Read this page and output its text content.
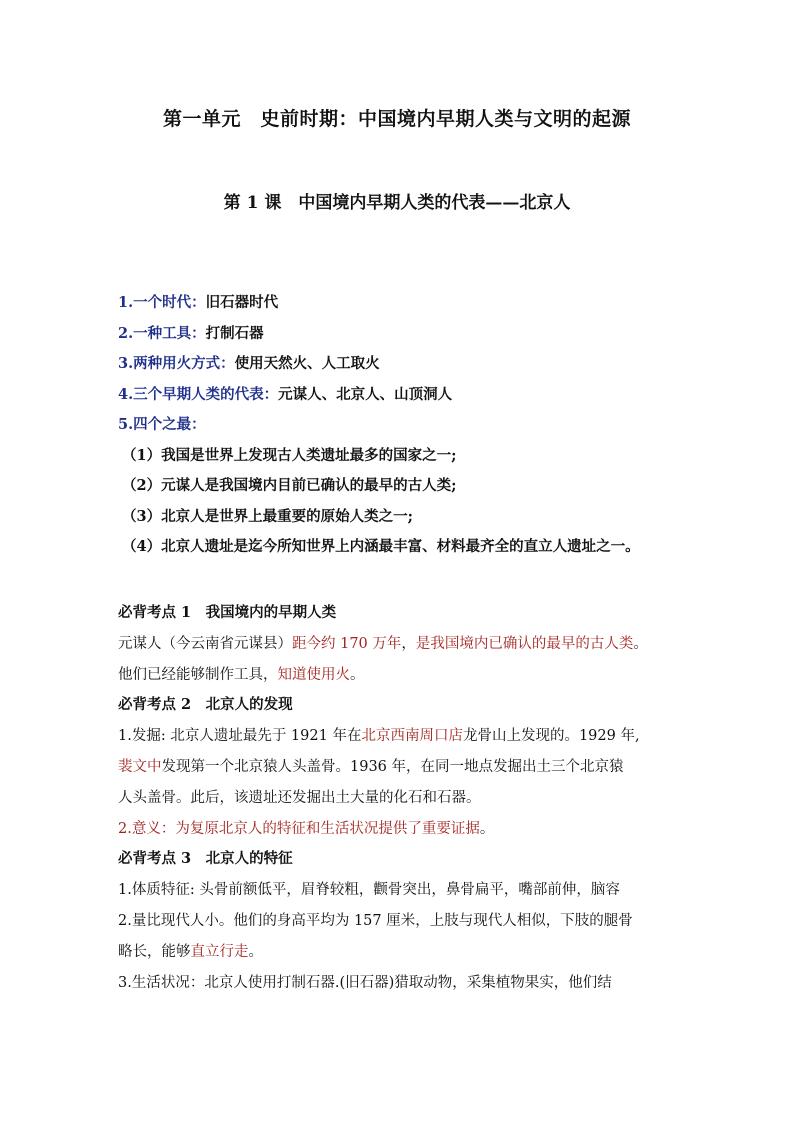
第一单元　史前时期：中国境内早期人类与文明的起源
第 1 课　中国境内早期人类的代表——北京人
1.一个时代：旧石器时代
2.一种工具：打制石器
3.两种用火方式：使用天然火、人工取火
4.三个早期人类的代表：元谋人、北京人、山顶洞人
5.四个之最：
（1）我国是世界上发现古人类遗址最多的国家之一;
（2）元谋人是我国境内目前已确认的最早的古人类;
（3）北京人是世界上最重要的原始人类之一;
（4）北京人遗址是迄今所知世界上内涵最丰富、材料最齐全的直立人遗址之一。
必背考点 1　我国境内的早期人类
元谋人（今云南省元谋县）距今约 170 万年，是我国境内已确认的最早的古人类。
他们已经能够制作工具，知道使用火。
必背考点 2　北京人的发现
1.发掘: 北京人遗址最先于 1921 年在北京西南周口店龙骨山上发现的。1929 年,
裴文中发现第一个北京猿人头盖骨。1936 年，在同一地点发掘出土三个北京猿
人头盖骨。此后，该遗址还发掘出土大量的化石和石器。
2.意义：为复原北京人的特征和生活状况提供了重要证据。
必背考点 3　北京人的特征
1.体质特征: 头骨前额低平，眉脊较粗，颧骨突出，鼻骨扁平，嘴部前伸，脑容
2.量比现代人小。他们的身高平均为 157 厘米，上肢与现代人相似，下肢的腿骨
略长，能够直立行走。
3.生活状况：北京人使用打制石器.(旧石器)猎取动物，采集植物果实，他们结
